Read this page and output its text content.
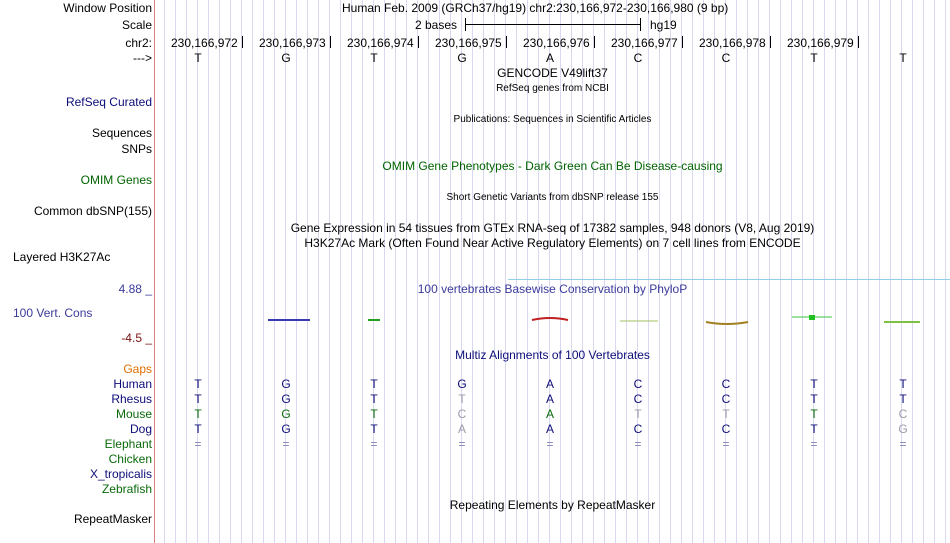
Window Position	Human Feb. 2009 (GRCh37/hg19) chr2:230,166,972-230,166,980 (9 bp)
Scale	2 bases	hg19
chr2: 230,166,972 230,166,973 230,166,974 230,166,975 230,166,976 230,166,977 230,166,978 230,166,979
--->	T	G	T	G	A	C	C	T	T
GENCODE V49lift37
RefSeq genes from NCBI
RefSeq Curated
Publications: Sequences in Scientific Articles
Sequences
SNPs
OMIM Gene Phenotypes - Dark Green Can Be Disease-causing
OMIM Genes
Short Genetic Variants from dbSNP release 155
Common dbSNP(155)
Gene Expression in 54 tissues from GTEx RNA-seq of 17382 samples, 948 donors (V8, Aug 2019)
H3K27Ac Mark (Often Found Near Active Regulatory Elements) on 7 cell lines from ENCODE
Layered H3K27Ac
4.88 _	100 vertebrates Basewise Conservation by PhyloP
100 Vert. Cons
-4.5 _
Multiz Alignments of 100 Vertebrates
Gaps
Human	T	G	T	G	A	C	C	T	T
Rhesus	T	G	T	T	A	C	C	T	T
Mouse	T	G	T	C	A	T	T	T	C
Dog	T	G	T	A	A	C	C	T	G
Elephant	=	=	=	=	=	=	=	=	=
Chicken
X_tropicalis
Zebrafish
Repeating Elements by RepeatMasker
RepeatMasker
